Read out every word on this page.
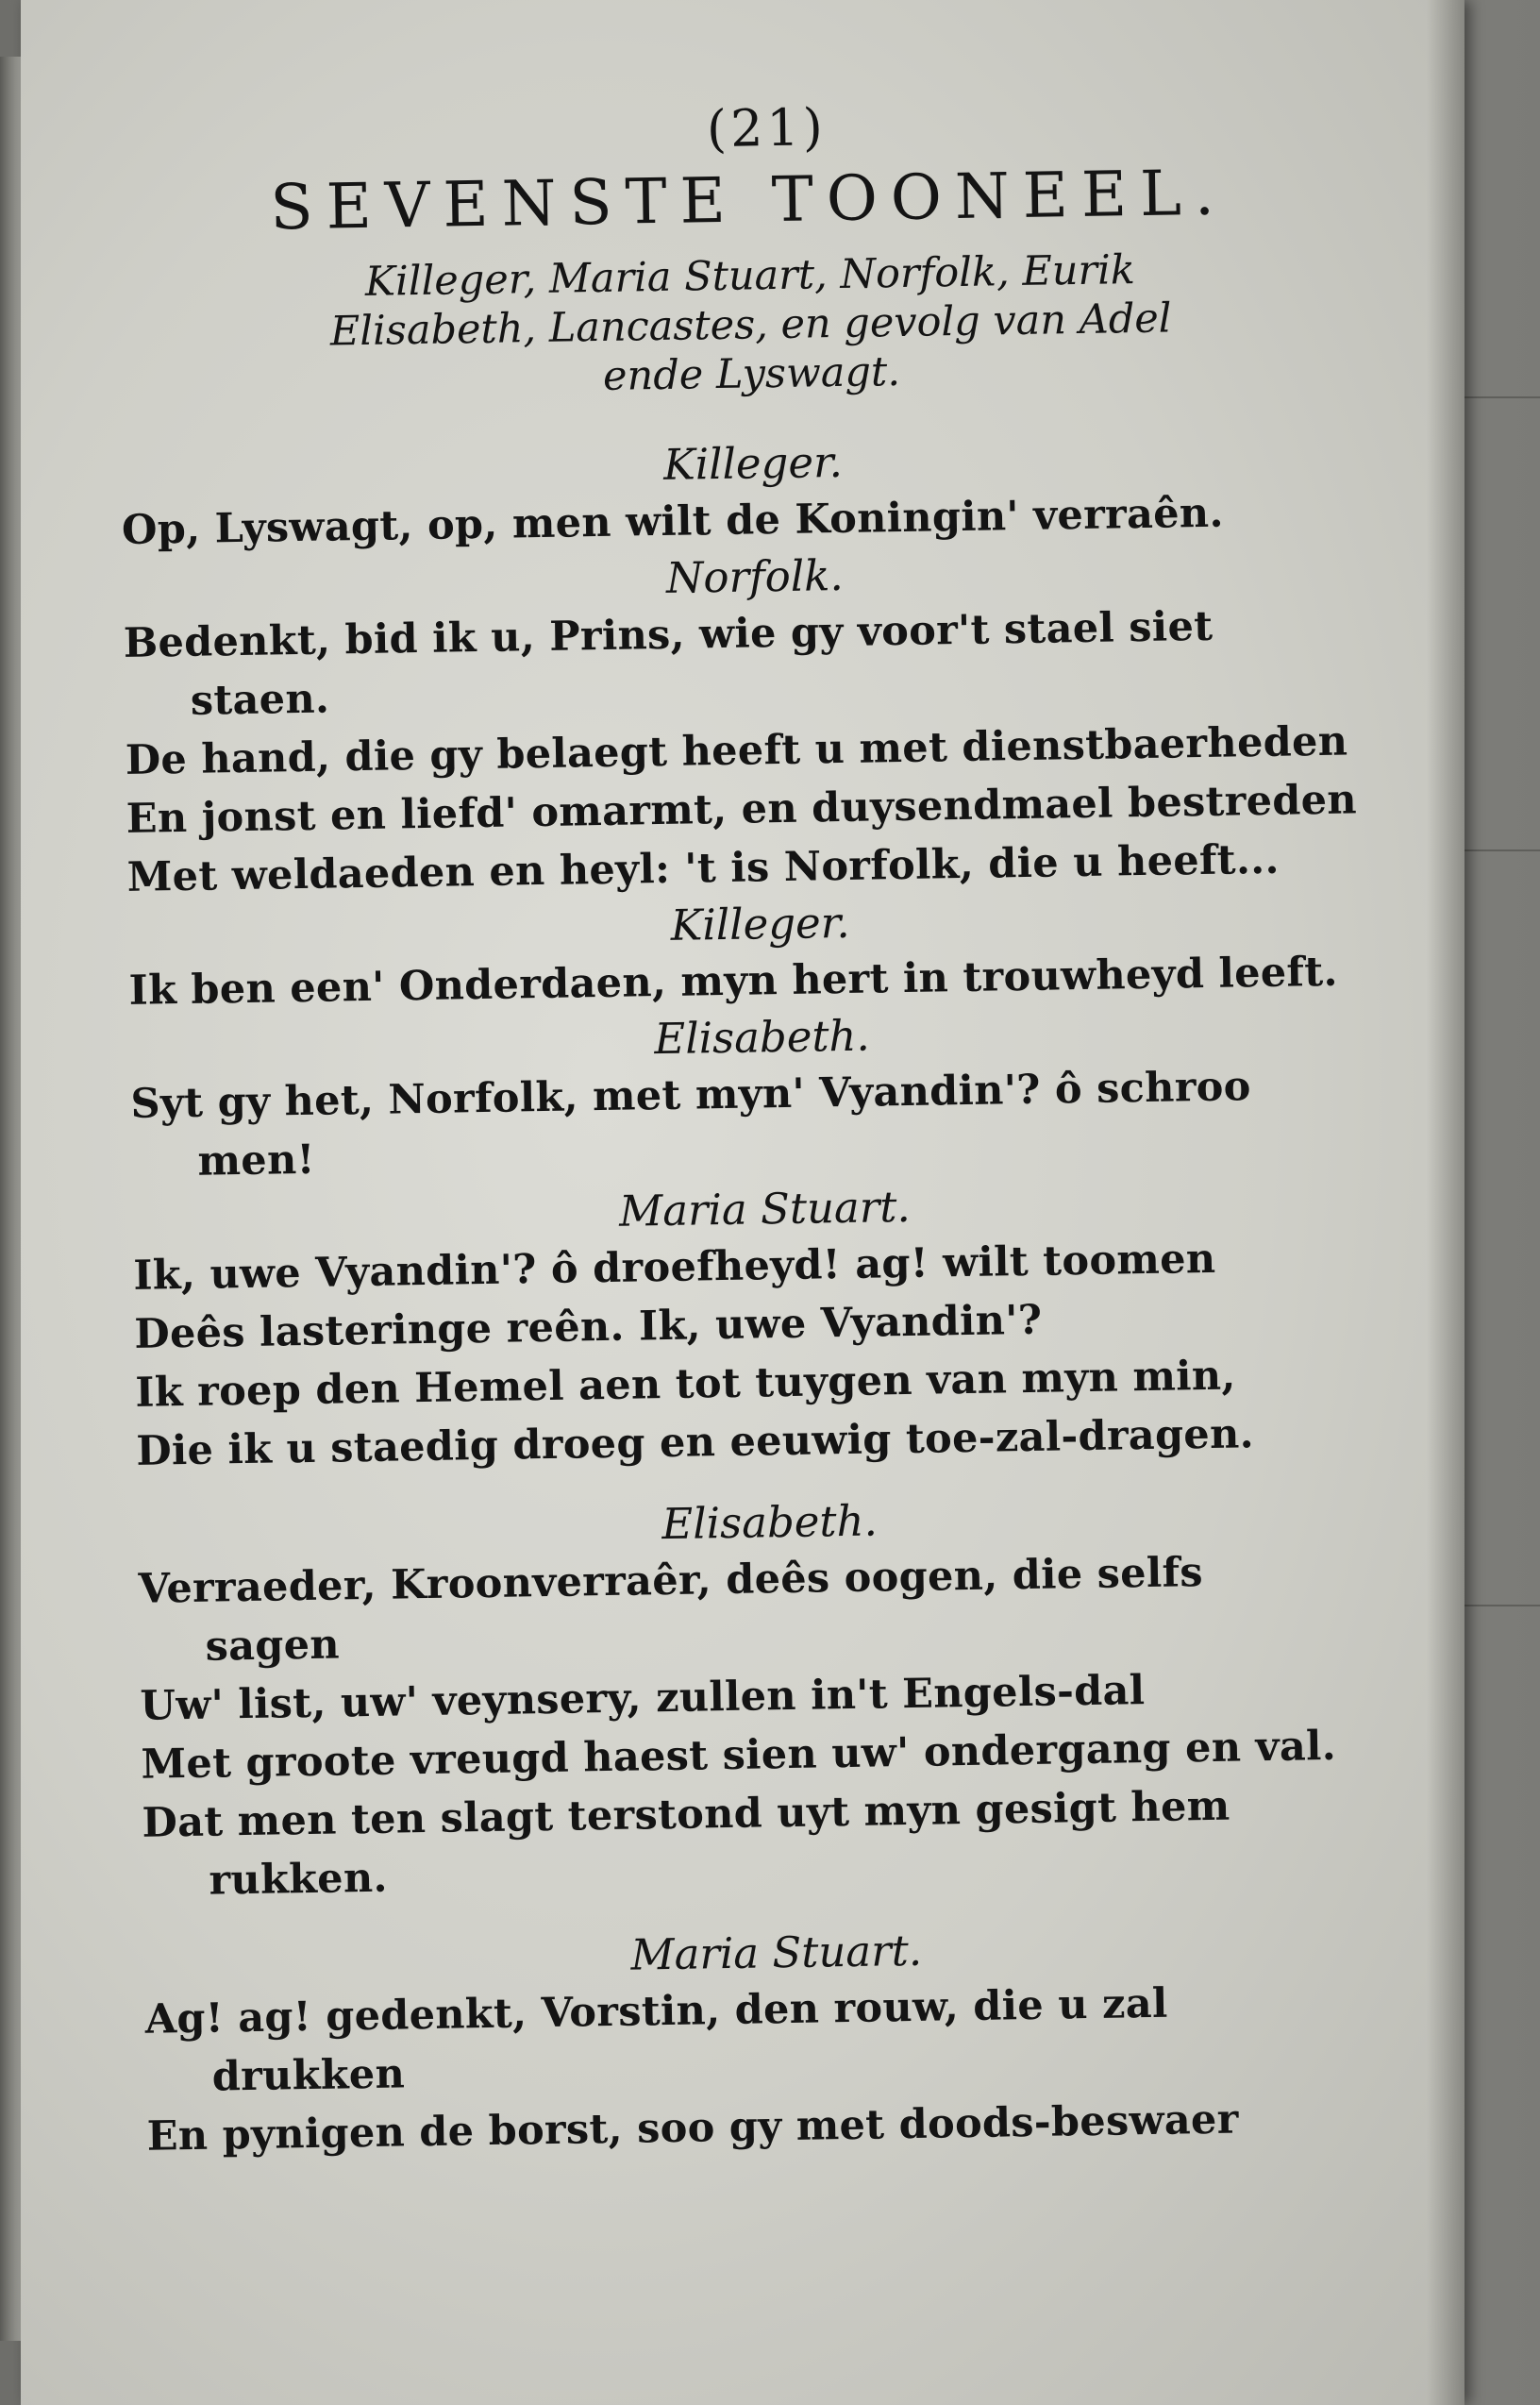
(21)
SEVENSTE TOONEEL.
Killeger, Maria Stuart, Norfolk, Eurik
Elisabeth, Lancastes, en gevolg van Adel
ende Lyswagt.
Killeger.
Op, Lyswagt, op, men wilt de Koningin' verraên.
Norfolk.
Bedenkt, bid ik u, Prins, wie gy voor't stael siet
staen.
De hand, die gy belaegt heeft u met dienstbaerheden
En jonst en liefd' omarmt, en duysendmael bestreden
Met weldaeden en heyl: 't is Norfolk, die u heeft...
Killeger.
Ik ben een' Onderdaen, myn hert in trouwheyd leeft.
Elisabeth.
Syt gy het, Norfolk, met myn' Vyandin'? ô schroo
men!
Maria Stuart.
Ik, uwe Vyandin'? ô droefheyd! ag! wilt toomen
Deês lasteringe reên. Ik, uwe Vyandin'?
Ik roep den Hemel aen tot tuygen van myn min,
Die ik u staedig droeg en eeuwig toe-zal-dragen.
Elisabeth.
Verraeder, Kroonverraêr, deês oogen, die selfs
sagen
Uw' list, uw' veynsery, zullen in't Engels-dal
Met groote vreugd haest sien uw' ondergang en val.
Dat men ten slagt terstond uyt myn gesigt hem
rukken.
Maria Stuart.
Ag! ag! gedenkt, Vorstin, den rouw, die u zal
drukken
En pynigen de borst, soo gy met doods-beswaer
